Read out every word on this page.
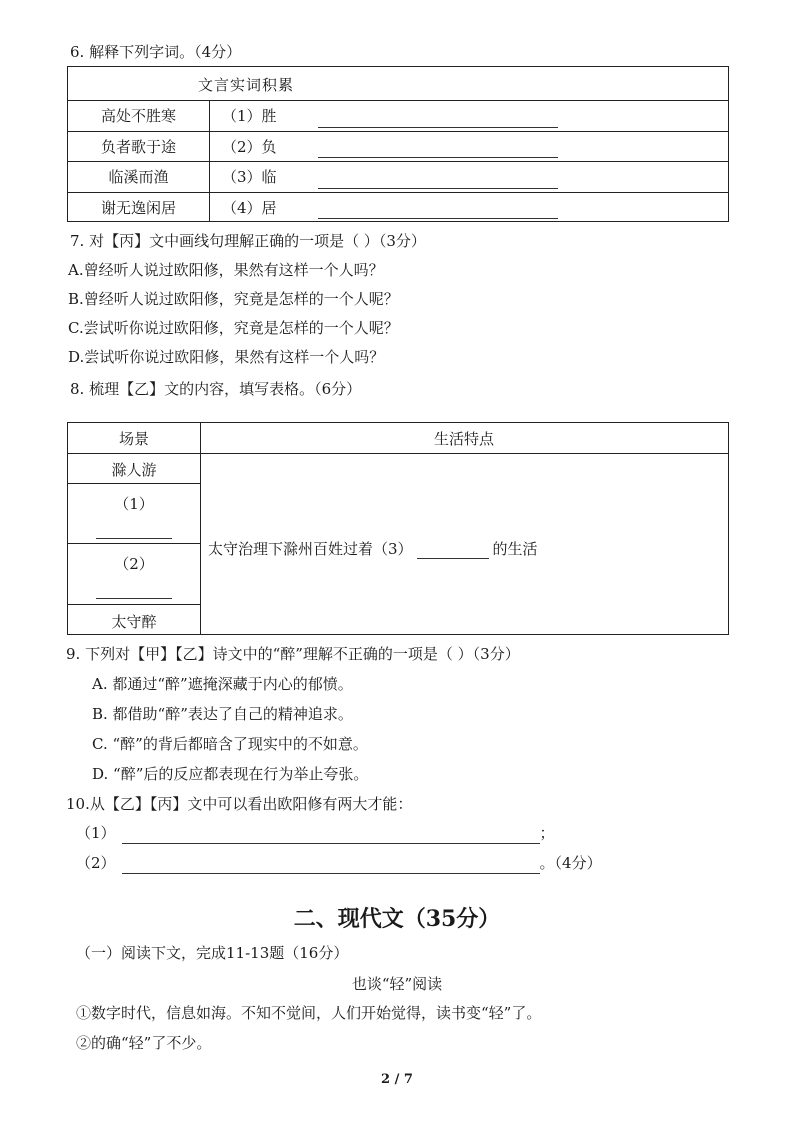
6. 解释下列字词。（4分）
文言实词积累
高处不胜寒	（1）胜
负者歌于途	（2）负
临溪而渔	（3）临
谢无逸闲居	（4）居
7. 对【丙】文中画线句理解正确的一项是（ ）（3分）
A.曾经听人说过欧阳修，果然有这样一个人吗？
B.曾经听人说过欧阳修，究竟是怎样的一个人呢？
C.尝试听你说过欧阳修，究竟是怎样的一个人呢？
D.尝试听你说过欧阳修，果然有这样一个人吗？
8. 梳理【乙】文的内容，填写表格。（6分）
场景	生活特点
滁人游
（1）
（2）
太守醉
太守治理下滁州百姓过着（3）	的生活
9. 下列对【甲】【乙】诗文中的“醉”理解不正确的一项是（ ）（3分）
A. 都通过“醉”遮掩深藏于内心的郁愤。
B. 都借助“醉”表达了自己的精神追求。
C. “醉”的背后都暗含了现实中的不如意。
D. “醉”后的反应都表现在行为举止夸张。
10.从【乙】【丙】文中可以看出欧阳修有两大才能：
（1）	；
（2）	。（4分）
二、现代文（35分）
（一）阅读下文，完成11-13题（16分）
也谈“轻”阅读
①数字时代，信息如海。不知不觉间，人们开始觉得，读书变“轻”了。
②的确“轻”了不少。
2 / 7
